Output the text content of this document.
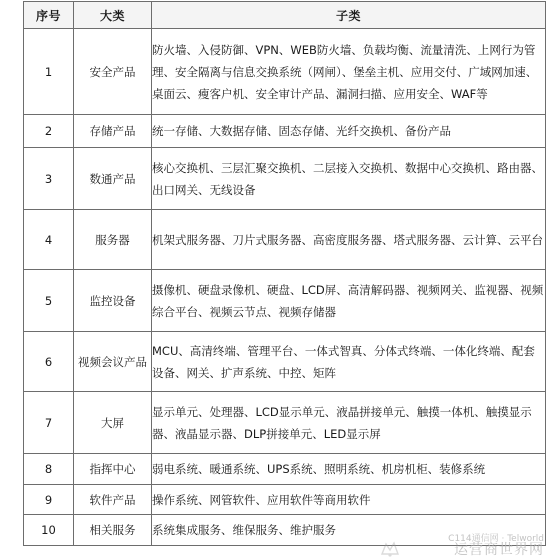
序号	大类	子类
1	安全产品	防火墙、入侵防御、VPN、WEB防火墙、负载均衡、流量清洗、上网行为管理、安全隔离与信息交换系统（网闸）、堡垒主机、应用交付、广域网加速、桌面云、瘦客户机、安全审计产品、漏洞扫描、应用安全、WAF等
2	存储产品	统一存储、大数据存储、固态存储、光纤交换机、备份产品
3	数通产品	核心交换机、三层汇聚交换机、二层接入交换机、数据中心交换机、路由器、出口网关、无线设备
4	服务器	机架式服务器、刀片式服务器、高密度服务器、塔式服务器、云计算、云平台
5	监控设备	摄像机、硬盘录像机、硬盘、LCD屏、高清解码器、视频网关、监视器、视频综合平台、视频云节点、视频存储器
6	视频会议产品	MCU、高清终端、管理平台、一体式智真、分体式终端、一体化终端、配套设备、网关、扩声系统、中控、矩阵
7	大屏	显示单元、处理器、LCD显示单元、液晶拼接单元、触摸一体机、触摸显示器、液晶显示器、DLP拼接单元、LED显示屏
8	指挥中心	弱电系统、暖通系统、UPS系统、照明系统、机房机柜、装修系统
9	软件产品	操作系统、网管软件、应用软件等商用软件
10	相关服务	系统集成服务、维保服务、维护服务
C114通信网 · Telworld
运营商世界网
